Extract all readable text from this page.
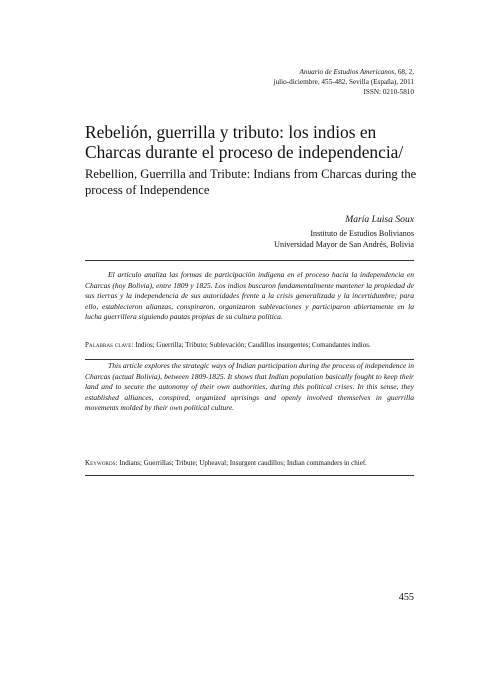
Anuario de Estudios Americanos, 68, 2,
julio-diciembre, 455-482, Sevilla (España), 2011
ISSN: 0210-5810
Rebelión, guerrilla y tributo: los indios en Charcas durante el proceso de independencia/
Rebellion, Guerrilla and Tribute: Indians from Charcas during the process of Independence
María Luisa Soux
Instituto de Estudios Bolivianos
Universidad Mayor de San Andrés, Bolivia

El artículo analiza las formas de participación indígena en el proceso hacia la independencia en Charcas (hoy Bolivia), entre 1809 y 1825. Los indios buscaron fundamentalmente mantener la propiedad de sus tierras y la independencia de sus autoridades frente a la crisis generalizada y la incertidumbre; para ello, establecieron alianzas, conspiraron, organizaron sublevaciones y participaron abiertamente en la lucha guerrillera siguiendo pautas propias de su cultura política.

Palabras clave: Indios; Guerrilla; Tributo; Sublevación; Caudillos insurgentes; Comandantes indios.

This article explores the strategic ways of Indian participation during the process of independence in Charcas (actual Bolivia), between 1809-1825. It shows that Indian population basically fought to keep their land and to secure the autonomy of their own authorities, during this political crises. In this sense, they established alliances, conspired, organized uprisings and openly involved themselves in guerrilla movements molded by their own political culture.

Keywords: Indians; Guerrillas; Tribute; Upheaval; Insurgent caudillos; Indian commanders in chief.

455
